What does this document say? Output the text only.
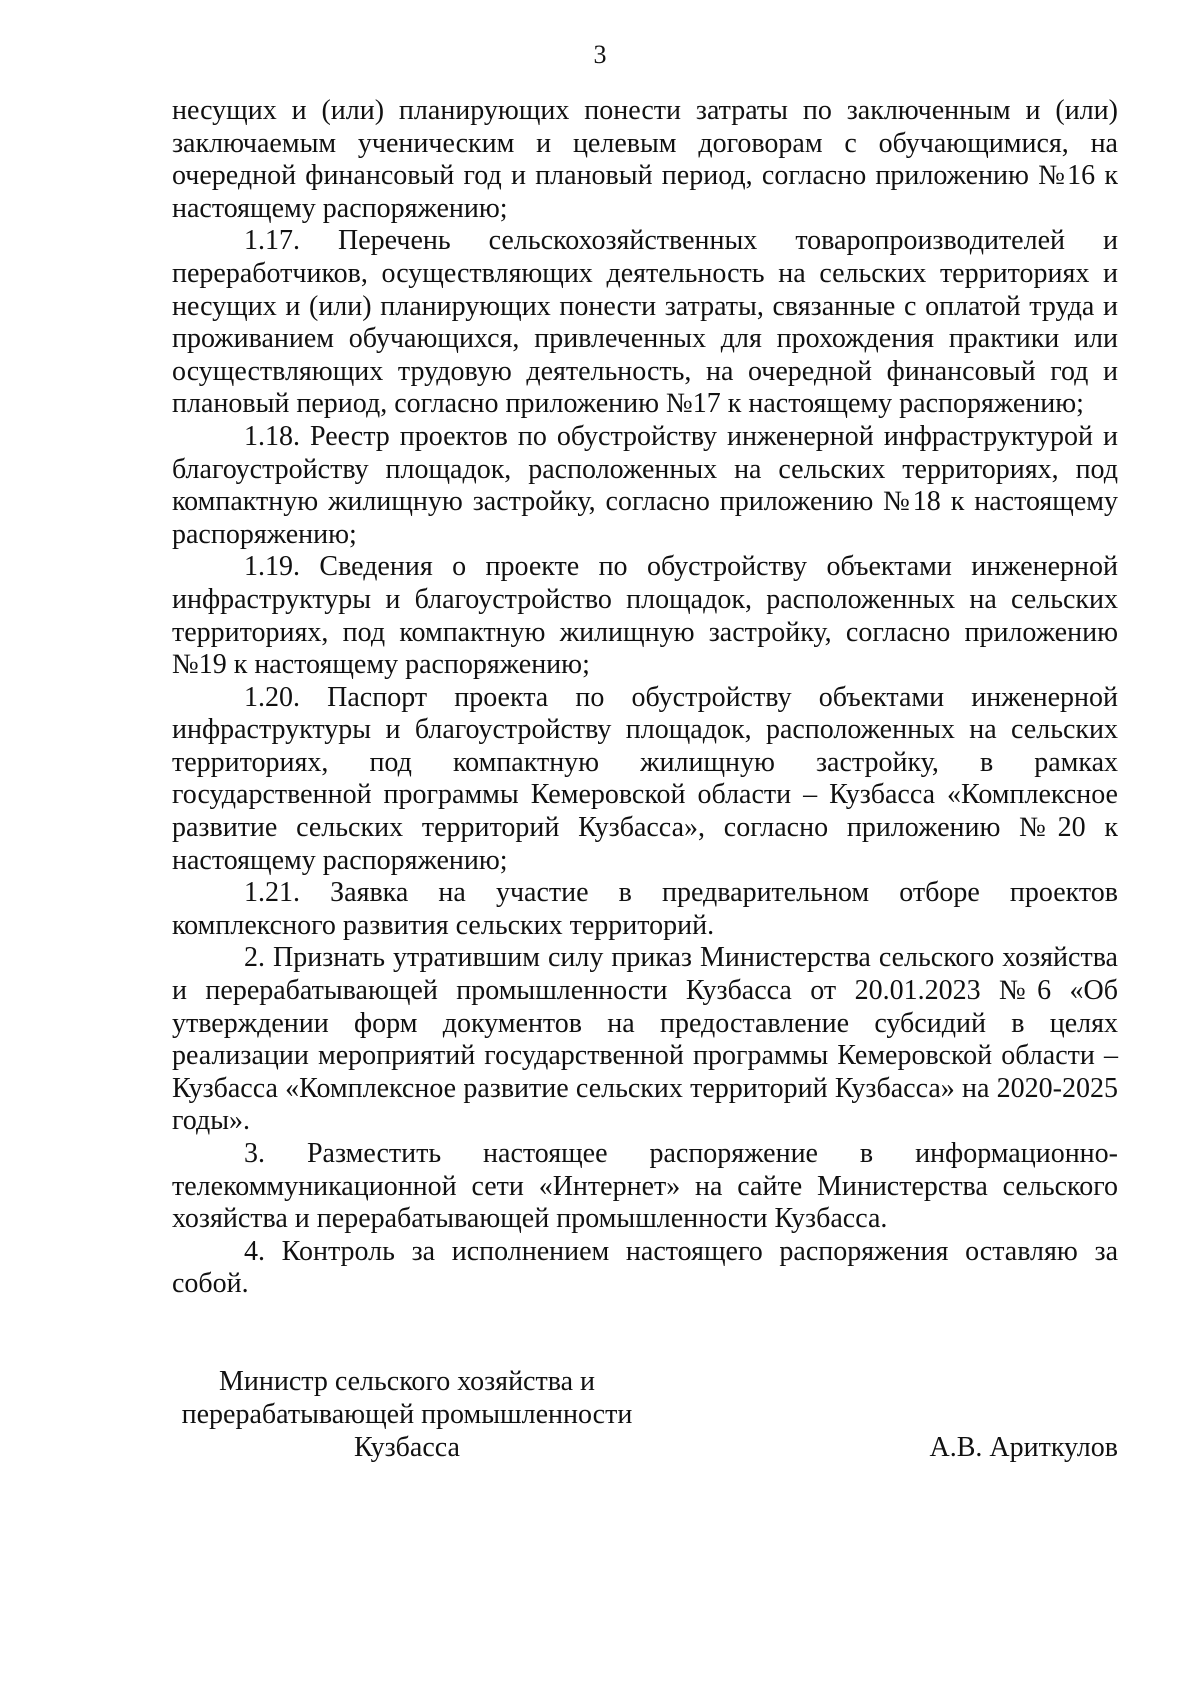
3

несущих и (или) планирующих понести затраты по заключенным и (или) заключаемым ученическим и целевым договорам с обучающимися, на очередной финансовый год и плановый период, согласно приложению №16 к настоящему распоряжению;

1.17. Перечень сельскохозяйственных товаропроизводителей и переработчиков, осуществляющих деятельность на сельских территориях и несущих и (или) планирующих понести затраты, связанные с оплатой труда и проживанием обучающихся, привлеченных для прохождения практики или осуществляющих трудовую деятельность, на очередной финансовый год и плановый период, согласно приложению №17 к настоящему распоряжению;

1.18. Реестр проектов по обустройству инженерной инфраструктурой и благоустройству площадок, расположенных на сельских территориях, под компактную жилищную застройку, согласно приложению №18 к настоящему распоряжению;

1.19. Сведения о проекте по обустройству объектами инженерной инфраструктуры и благоустройство площадок, расположенных на сельских территориях, под компактную жилищную застройку, согласно приложению №19 к настоящему распоряжению;

1.20. Паспорт проекта по обустройству объектами инженерной инфраструктуры и благоустройству площадок, расположенных на сельских территориях, под компактную жилищную застройку, в рамках государственной программы Кемеровской области – Кузбасса «Комплексное развитие сельских территорий Кузбасса», согласно приложению №20 к настоящему распоряжению;

1.21. Заявка на участие в предварительном отборе проектов комплексного развития сельских территорий.

2. Признать утратившим силу приказ Министерства сельского хозяйства и перерабатывающей промышленности Кузбасса от 20.01.2023 №6 «Об утверждении форм документов на предоставление субсидий в целях реализации мероприятий государственной программы Кемеровской области – Кузбасса «Комплексное развитие сельских территорий Кузбасса» на 2020-2025 годы».

3. Разместить настоящее распоряжение в информационно-телекоммуникационной сети «Интернет» на сайте Министерства сельского хозяйства и перерабатывающей промышленности Кузбасса.

4. Контроль за исполнением настоящего распоряжения оставляю за собой.

Министр сельского хозяйства и
перерабатывающей промышленности
Кузбасса	А.В. Ариткулов
